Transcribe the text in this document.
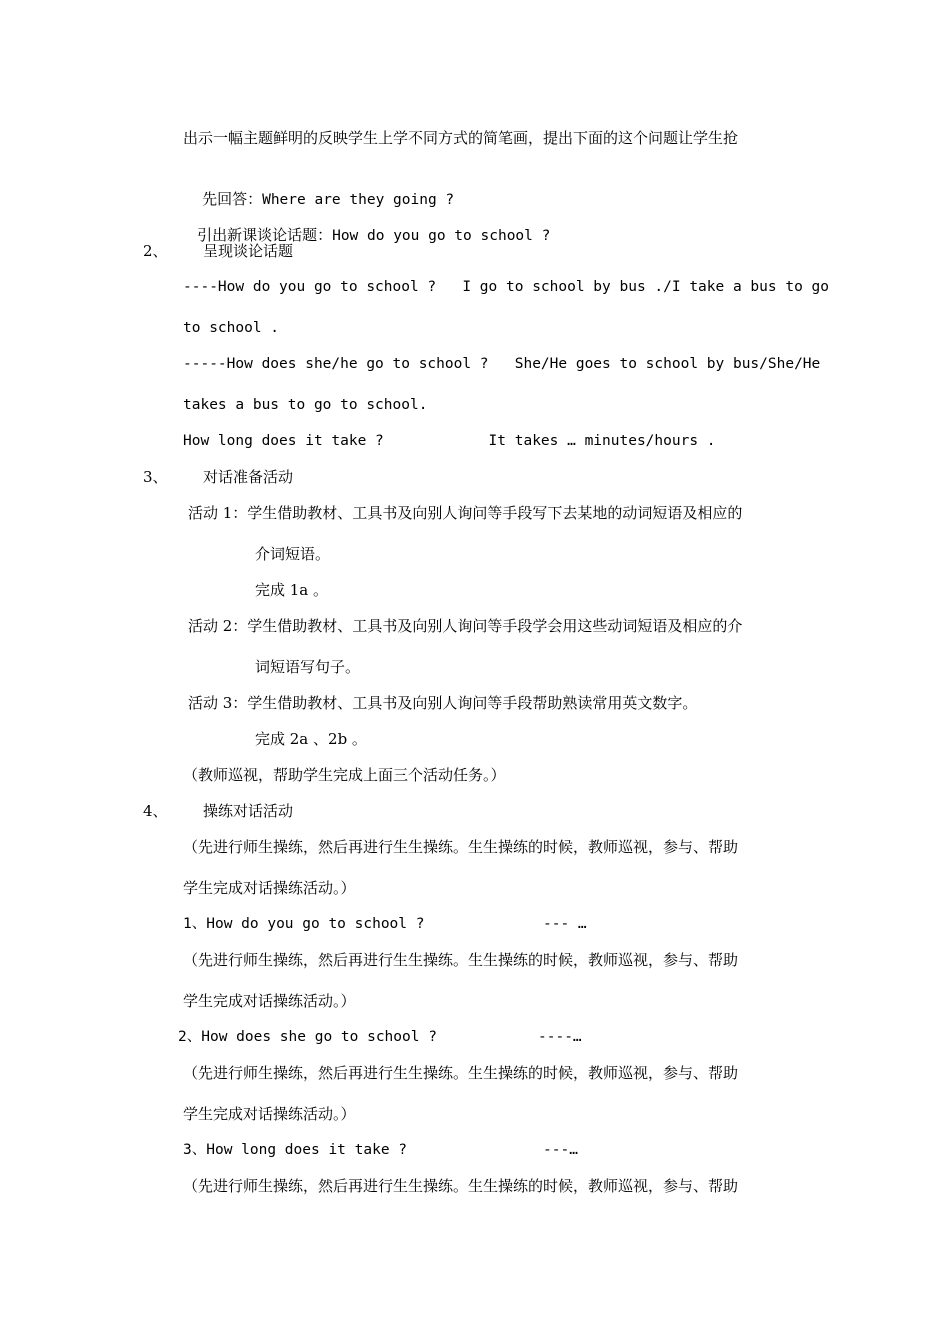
出示一幅主题鲜明的反映学生上学不同方式的简笔画，提出下面的这个问题让学生抢

先回答：Where are they going ?

引出新课谈论话题：How do you go to school ?

2、 呈现谈论话题
----How do you go to school ?   I go to school by bus ./I take a bus to go
to school .
-----How does she/he go to school ?   She/He goes to school by bus/She/He
takes a bus to go to school.
How long does it take ?            It takes … minutes/hours .
3、 对话准备活动
活动 1：学生借助教材、工具书及向别人询问等手段写下去某地的动词短语及相应的
介词短语。
完成 1a 。
活动 2：学生借助教材、工具书及向别人询问等手段学会用这些动词短语及相应的介
词短语写句子。
活动 3：学生借助教材、工具书及向别人询问等手段帮助熟读常用英文数字。
完成 2a 、2b 。
（教师巡视，帮助学生完成上面三个活动任务。）
4、 操练对话活动
（先进行师生操练，然后再进行生生操练。生生操练的时候，教师巡视，参与、帮助
学生完成对话操练活动。）
1、How do you go to school ?	--- …
（先进行师生操练，然后再进行生生操练。生生操练的时候，教师巡视，参与、帮助
学生完成对话操练活动。）
2、How does she go to school ?	----…
（先进行师生操练，然后再进行生生操练。生生操练的时候，教师巡视，参与、帮助
学生完成对话操练活动。）
3、How long does it take ?	---…
（先进行师生操练，然后再进行生生操练。生生操练的时候，教师巡视，参与、帮助
